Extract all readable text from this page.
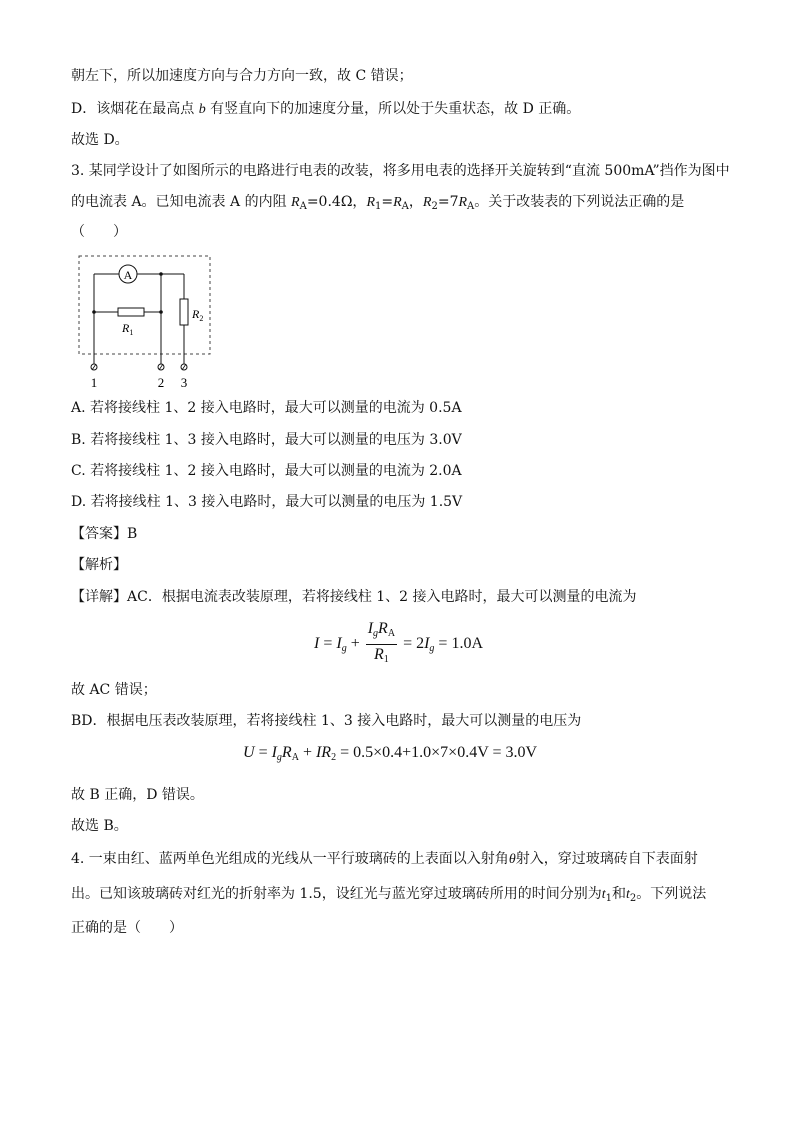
朝左下，所以加速度方向与合力方向一致，故 C 错误；
D．该烟花在最高点 b 有竖直向下的加速度分量，所以处于失重状态，故 D 正确。
故选 D。
3. 某同学设计了如图所示的电路进行电表的改装，将多用电表的选择开关旋转到“直流 500mA”挡作为图中
的电流表 A。已知电流表 A 的内阻 $R_A=0.4\Omega$，$R_1=R_A$，$R_2=7R_A$。关于改装表的下列说法正确的是
（　　）
A
$R_1$
$R_2$
1	2 3
A. 若将接线柱 1、2 接入电路时，最大可以测量的电流为 0.5A
B. 若将接线柱 1、3 接入电路时，最大可以测量的电压为 3.0V
C. 若将接线柱 1、2 接入电路时，最大可以测量的电流为 2.0A
D. 若将接线柱 1、3 接入电路时，最大可以测量的电压为 1.5V
【答案】B
【解析】
【详解】AC．根据电流表改装原理，若将接线柱 1、2 接入电路时，最大可以测量的电流为
$I = I_g + \frac{I_gR_A}{R_1} = 2I_g = 1.0A$
故 AC 错误；
BD．根据电压表改装原理，若将接线柱 1、3 接入电路时，最大可以测量的电压为
$U = I_gR_A + IR_2 = 0.5\times 0.4+1.0\times 7\times 0.4V = 3.0V$
故 B 正确，D 错误。
故选 B。
4. 一束由红、蓝两单色光组成的光线从一平行玻璃砖的上表面以入射角θ射入，穿过玻璃砖自下表面射
出。已知该玻璃砖对红光的折射率为 1.5，设红光与蓝光穿过玻璃砖所用的时间分别为$t_1$和$t_2$。下列说法
正确的是（　　）
